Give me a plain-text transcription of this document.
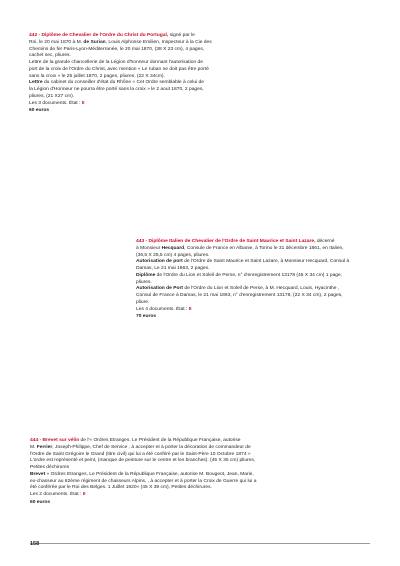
442 - Diplôme de Chevalier de l'Ordre du Christ du Portugal, signé par le

Roi, le 20 mai 1870 à M. de Surian, Louis Alphonse Emilien, Inspecteur à la Cie des

Chemins de fer Paris-Lyon-Méditerranée, le 20 mai 1870, (38 X 23 cm), 4 pages,

cachet sec, pliures.

Lettre de la grande chancellerie de la Légion d'honneur donnant l'autorisation de

port de la croix de l'Ordre du Christ, avec mention « Le ruban ne doit pas être porté

sans la croix » le 25 juillet 1870, 2 pages, pliures, (22 X 34cm).

Lettre du cabinet du conseiller d'état du Rhône « Cet Ordre semblable à celui de

la Légion d'Honneur ne pourra être porté sans la croix » le 2 aout 1870, 2 pages,

pliures, (21 X27 cm).

Les 3 documents. État : II

60 euros

443 - Diplôme Italien de Chevalier de l'Ordre de Saint Maurice et Saint Lazare, décerné

à Monsieur Hecquard, Consule de France en Albanie, à Torino le 31 décembre 1861, en Italien,

(36,5 X 25,5 cm) 4 pages, pliures.

Autorisation de port de l'Ordre de Saint Maurice et Saint Lazare, à Monsieur Hecquard, Consul à

Damas, Le 21 mai 1863, 2 pages.

Diplôme de l'Ordre du Lion et Soleil de Perse, n° d'enregistrement 13178 (45 X 34 cm) 1 page,

pliures.

Autorisation de Port de l'Ordre du Lion et Soleil de Perse, à M. Hecquard, Louis, Hyacinthe ,

Consul de France à Damas, le 21 mai 1863, n° d'enregistrement 13178, (22 X 34 cm), 2 pages,

pliure.

Les 4 documents. État : II

70 euros

444 - Brevet sur vélin de l'« Ordres Etranges. Le Président de la République Française, autorise

M. Ferrier, Joseph-Philippe, Chef de Service , à accepter et à porter la décoration de commandeur de

l'Ordre de Saint Grégoire le Grand (titre civil) qui lui a été conféré par le Saint-Père 10 Octobre 1874 »

L'ordre est représenté et peint, (manque de peinture sur le centre et les branches). (45 X 35 cm) pliures,

Petites déchirures

Brevet « Ordres Etranges, Le Président de la République Française, autorise M. Bougeot, Jean, Marie,

ex-chasseur au 62ème régiment de chasseurs Alpins, , à accepter et à porter la Croix de Guerre qui lui a

été conférée par le Roi des Belges. 1 Juillet 1920» (45 X 39 cm), Petites déchirures.

Les 2 documents. État : II

60 euros

158
